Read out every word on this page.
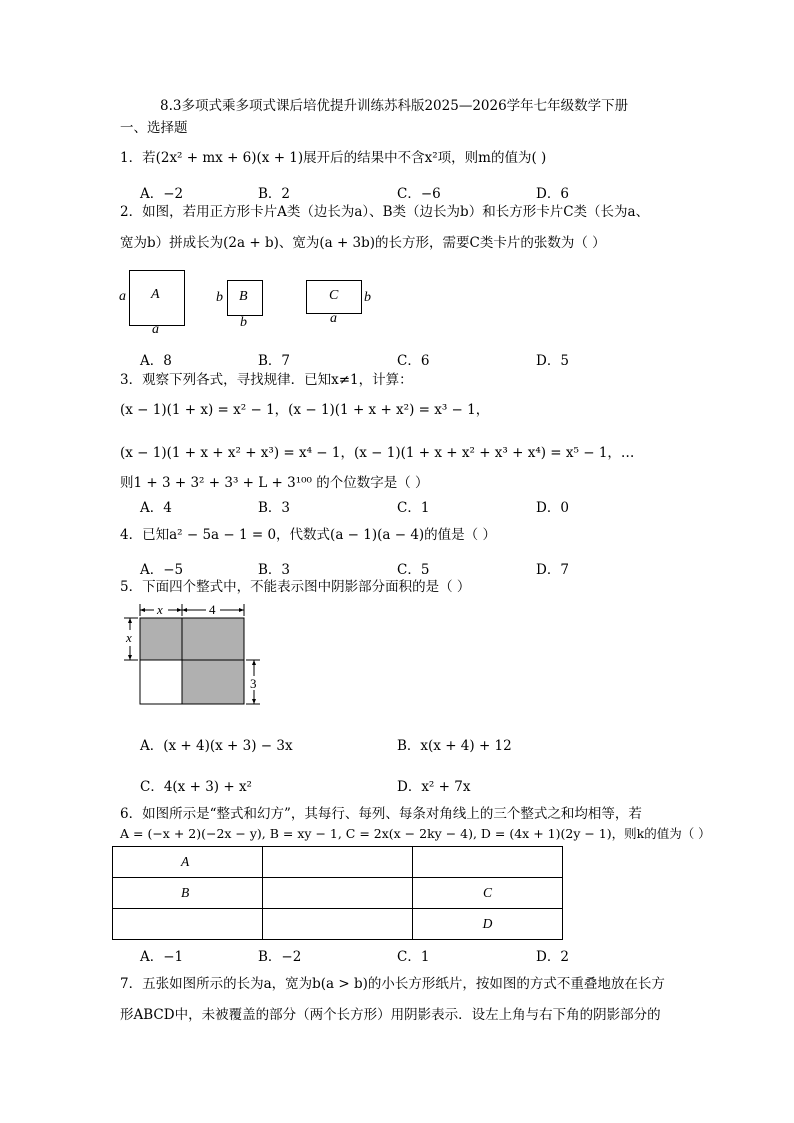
8.3多项式乘多项式课后培优提升训练苏科版2025—2026学年七年级数学下册
一、选择题
1．若(2x² + mx + 6)(x + 1)展开后的结果中不含x²项，则m的值为( )
A．−2	B．2	C．−6	D．6
2．如图，若用正方形卡片A类（边长为a）、B类（边长为b）和长方形卡片C类（长为a、
宽为b）拼成长为(2a + b)、宽为(a + 3b)的长方形，需要C类卡片的张数为（ ）
A
a
a
B
b
b
C b
a
A．8	B．7	C．6	D．5
3．观察下列各式，寻找规律．已知x≠1，计算：
(x − 1)(1 + x) = x² − 1，(x − 1)(1 + x + x²) = x³ − 1，
(x − 1)(1 + x + x² + x³) = x⁴ − 1，(x − 1)(1 + x + x² + x³ + x⁴) = x⁵ − 1，…
则1 + 3 + 3² + 3³ + L + 3¹⁰⁰ 的个位数字是（ ）
A．4	B．3	C．1	D．0
4．已知a² − 5a − 1 = 0，代数式(a − 1)(a − 4)的值是（ ）
A．−5	B．3	C．5	D．7
5．下面四个整式中，不能表示图中阴影部分面积的是（ ）
x	4
x
3
A．(x + 4)(x + 3) − 3x	B．x(x + 4) + 12
C．4(x + 3) + x²	D．x² + 7x
6．如图所示是“整式和幻方”，其每行、每列、每条对角线上的三个整式之和均相等，若
A = (−x + 2)(−2x − y), B = xy − 1, C = 2x(x − 2ky − 4), D = (4x + 1)(2y − 1)，则k的值为（ ）
A		
B		C
		D
A．−1	B．−2	C．1	D．2
7．五张如图所示的长为a，宽为b(a > b)的小长方形纸片，按如图的方式不重叠地放在长方
形ABCD中，未被覆盖的部分（两个长方形）用阴影表示．设左上角与右下角的阴影部分的
